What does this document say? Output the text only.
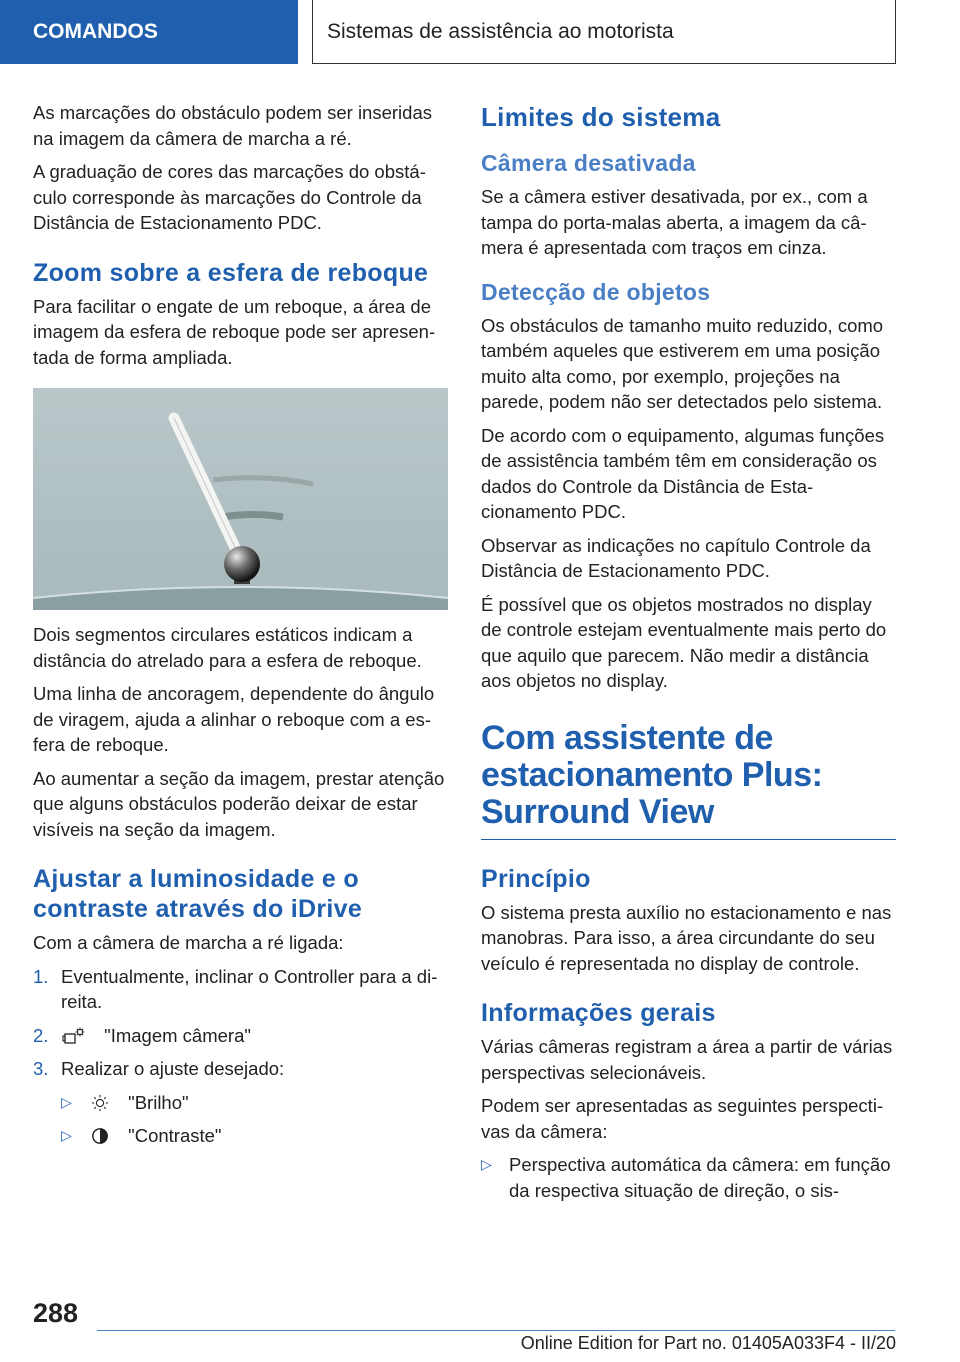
COMANDOS	Sistemas de assistência ao motorista

As marcações do obstáculo podem ser inseridas na imagem da câmera de marcha a ré.

A graduação de cores das marcações do obstáculo corresponde às marcações do Controle da Distância de Estacionamento PDC.

Zoom sobre a esfera de reboque

Para facilitar o engate de um reboque, a área de imagem da esfera de reboque pode ser apresentada de forma ampliada.

Dois segmentos circulares estáticos indicam a distância do atrelado para a esfera de reboque.

Uma linha de ancoragem, dependente do ângulo de viragem, ajuda a alinhar o reboque com a esfera de reboque.

Ao aumentar a seção da imagem, prestar atenção que alguns obstáculos poderão deixar de estar visíveis na seção da imagem.

Ajustar a luminosidade e o contraste através do iDrive

Com a câmera de marcha a ré ligada:

1. Eventualmente, inclinar o Controller para a direita.
2.	"Imagem câmera"
3. Realizar o ajuste desejado:
▷	"Brilho"
▷	"Contraste"
Limites do sistema
Câmera desativada

Se a câmera estiver desativada, por ex., com a tampa do porta-malas aberta, a imagem da câmera é apresentada com traços em cinza.

Detecção de objetos

Os obstáculos de tamanho muito reduzido, como também aqueles que estiverem em uma posição muito alta como, por exemplo, projeções na parede, podem não ser detectados pelo sistema.

De acordo com o equipamento, algumas funções de assistência também têm em consideração os dados do Controle da Distância de Estacionamento PDC.

Observar as indicações no capítulo Controle da Distância de Estacionamento PDC.

É possível que os objetos mostrados no display de controle estejam eventualmente mais perto do que aquilo que parecem. Não medir a distância aos objetos no display.

Com assistente de estacionamento Plus: Surround View
Princípio

O sistema presta auxílio no estacionamento e nas manobras. Para isso, a área circundante do seu veículo é representada no display de controle.

Informações gerais

Várias câmeras registram a área a partir de várias perspectivas selecionáveis.

Podem ser apresentadas as seguintes perspectivas da câmera:

▷ Perspectiva automática da câmera: em função da respectiva situação de direção, o sis-
288
Online Edition for Part no. 01405A033F4 - II/20
